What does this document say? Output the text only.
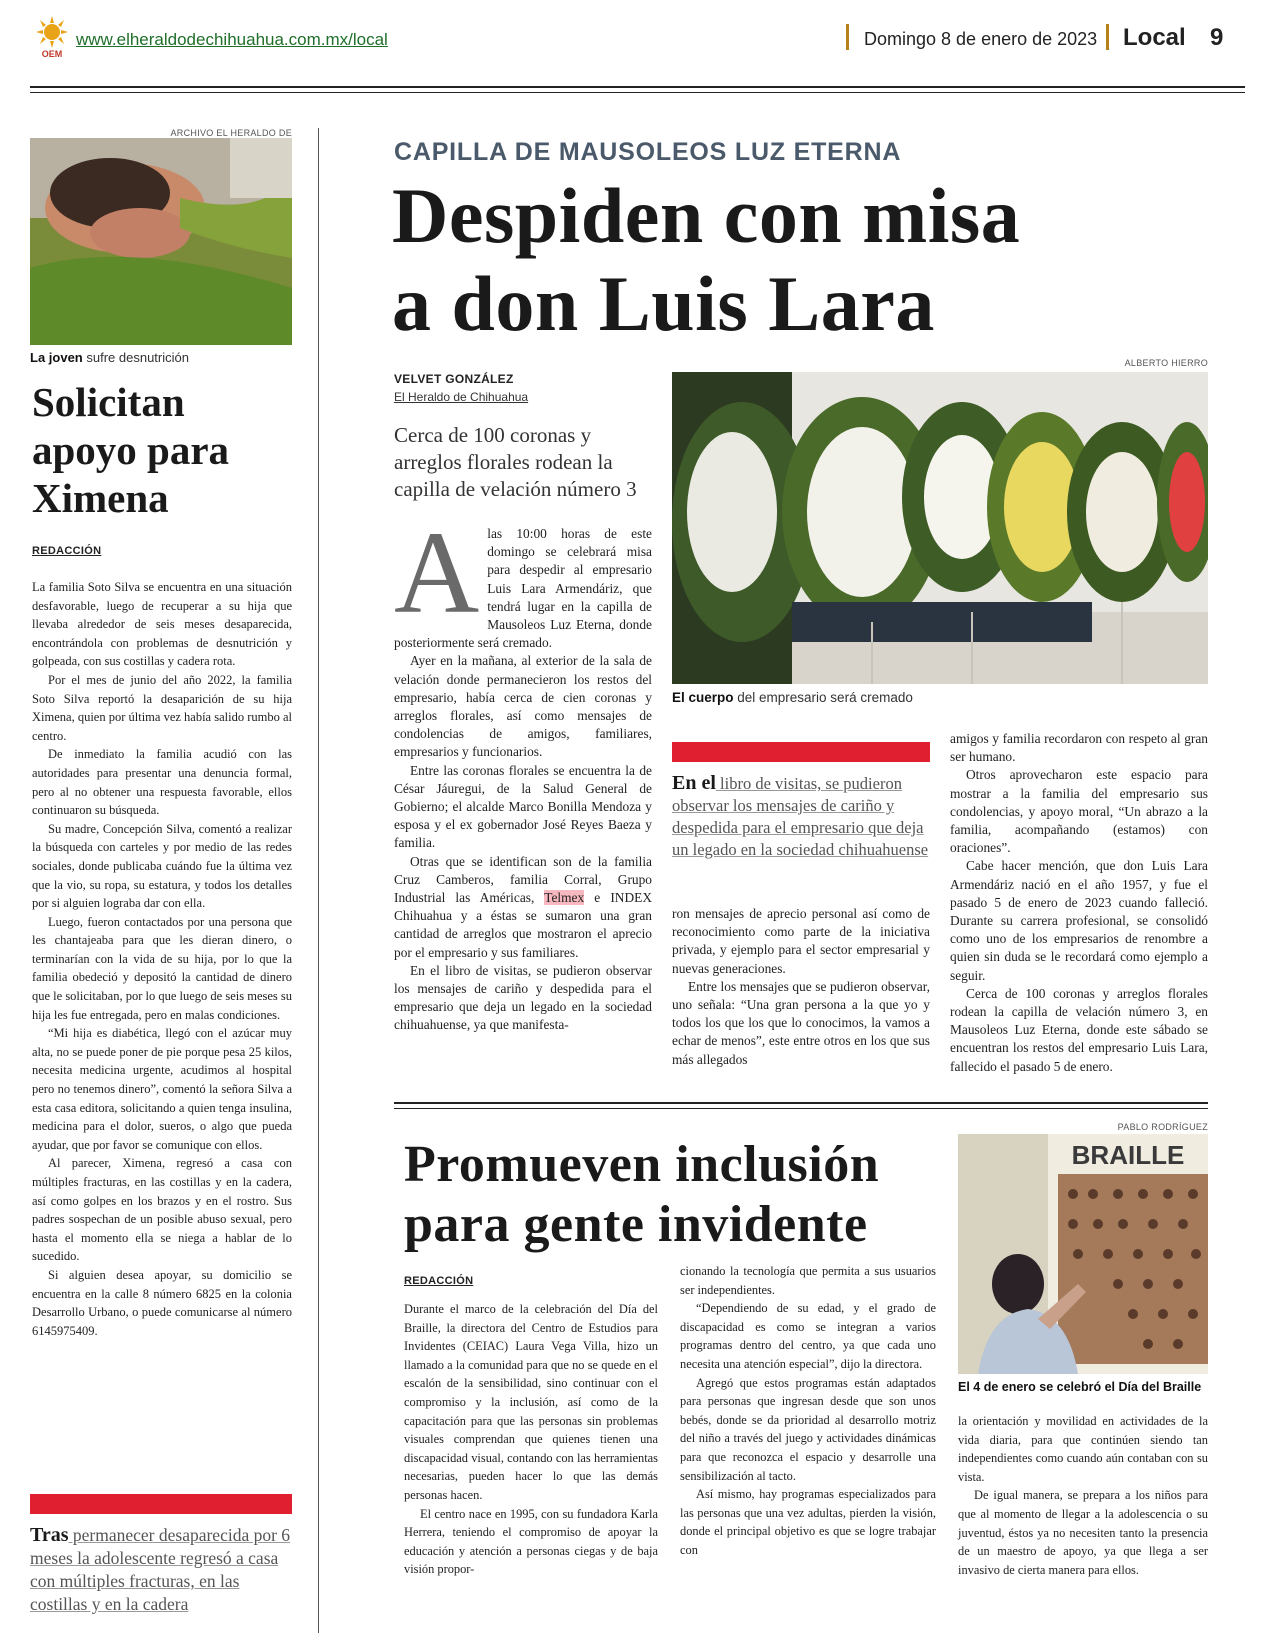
OEM
www.elheraldodechihuahua.com.mx/local	Domingo 8 de enero de 2023 Local 9
ARCHIVO EL HERALDO DE
La joven sufre desnutrición
Solicitan apoyo para Ximena
REDACCIÓN

La familia Soto Silva se encuentra en una situación desfavorable, luego de recuperar a su hija que llevaba alrededor de seis meses desaparecida, encontrándola con problemas de desnutrición y golpeada, con sus costillas y cadera rota.

Por el mes de junio del año 2022, la familia Soto Silva reportó la desaparición de su hija Ximena, quien por última vez había salido rumbo al centro.

De inmediato la familia acudió con las autoridades para presentar una denuncia formal, pero al no obtener una respuesta favorable, ellos continuaron su búsqueda.

Su madre, Concepción Silva, comentó a realizar la búsqueda con carteles y por medio de las redes sociales, donde publicaba cuándo fue la última vez que la vio, su ropa, su estatura, y todos los detalles por si alguien lograba dar con ella.

Luego, fueron contactados por una persona que les chantajeaba para que les dieran dinero, o terminarían con la vida de su hija, por lo que la familia obedeció y depositó la cantidad de dinero que le solicitaban, por lo que luego de seis meses su hija les fue entregada, pero en malas condiciones.

“Mi hija es diabética, llegó con el azúcar muy alta, no se puede poner de pie porque pesa 25 kilos, necesita medicina urgente, acudimos al hospital pero no tenemos dinero”, comentó la señora Silva a esta casa editora, solicitando a quien tenga insulina, medicina para el dolor, sueros, o algo que pueda ayudar, que por favor se comunique con ellos.

Al parecer, Ximena, regresó a casa con múltiples fracturas, en las costillas y en la cadera, así como golpes en los brazos y en el rostro. Sus padres sospechan de un posible abuso sexual, pero hasta el momento ella se niega a hablar de lo sucedido.

Si alguien desea apoyar, su domicilio se encuentra en la calle 8 número 6825 en la colonia Desarrollo Urbano, o puede comunicarse al número 6145975409.

Tras permanecer desaparecida por 6 meses la adolescente regresó a casa con múltiples fracturas, en las costillas y en la cadera
CAPILLA DE MAUSOLEOS LUZ ETERNA
Despiden con misa
a don Luis Lara
VELVET GONZÁLEZ
El Heraldo de Chihuahua
Cerca de 100 coronas y arreglos florales rodean la capilla de velación número 3
ALBERTO HIERRO
El cuerpo del empresario será cremado
A las 10:00 horas de este domingo se celebrará misa para despedir al empresario Luis Lara Armendáriz, que tendrá lugar en la capilla de Mausoleos Luz Eterna, donde posteriormente será cremado.

Ayer en la mañana, al exterior de la sala de velación donde permanecieron los restos del empresario, había cerca de cien coronas y arreglos florales, así como mensajes de condolencias de amigos, familiares, empresarios y funcionarios.

Entre las coronas florales se encuentra la de César Jáuregui, de la Salud General de Gobierno; el alcalde Marco Bonilla Mendoza y esposa y el ex gobernador José Reyes Baeza y familia.

Otras que se identifican son de la familia Cruz Camberos, familia Corral, Grupo Industrial las Américas, Telmex e INDEX Chihuahua y a éstas se sumaron una gran cantidad de arreglos que mostraron el aprecio por el empresario y sus familiares.

En el libro de visitas, se pudieron observar los mensajes de cariño y despedida para el empresario que deja un legado en la sociedad chihuahuense, ya que manifesta-

En el libro de visitas, se pudieron observar los mensajes de cariño y despedida para el empresario que deja un legado en la sociedad chihuahuense

ron mensajes de aprecio personal así como de reconocimiento como parte de la iniciativa privada, y ejemplo para el sector empresarial y nuevas generaciones.

Entre los mensajes que se pudieron observar, uno señala: “Una gran persona a la que yo y todos los que los que lo conocimos, la vamos a echar de menos”, este entre otros en los que sus más allegados

amigos y familia recordaron con respeto al gran ser humano.

Otros aprovecharon este espacio para mostrar a la familia del empresario sus condolencias, y apoyo moral, “Un abrazo a la familia, acompañando (estamos) con oraciones”.

Cabe hacer mención, que don Luis Lara Armendáriz nació en el año 1957, y fue el pasado 5 de enero de 2023 cuando falleció. Durante su carrera profesional, se consolidó como uno de los empresarios de renombre a quien sin duda se le recordará como ejemplo a seguir.

Cerca de 100 coronas y arreglos florales rodean la capilla de velación número 3, en Mausoleos Luz Eterna, donde este sábado se encuentran los restos del empresario Luis Lara, fallecido el pasado 5 de enero.

Promueven inclusión
para gente invidente
REDACCIÓN
PABLO RODRÍGUEZ
BRAILLE
El 4 de enero se celebró el Día del Braille

Durante el marco de la celebración del Día del Braille, la directora del Centro de Estudios para Invidentes (CEIAC) Laura Vega Villa, hizo un llamado a la comunidad para que no se quede en el escalón de la sensibilidad, sino continuar con el compromiso y la inclusión, así como de la capacitación para que las personas sin problemas visuales comprendan que quienes tienen una discapacidad visual, contando con las herramientas necesarias, pueden hacer lo que las demás personas hacen.

El centro nace en 1995, con su fundadora Karla Herrera, teniendo el compromiso de apoyar la educación y atención a personas ciegas y de baja visión propor-

cionando la tecnología que permita a sus usuarios ser independientes.

“Dependiendo de su edad, y el grado de discapacidad es como se integran a varios programas dentro del centro, ya que cada uno necesita una atención especial”, dijo la directora.

Agregó que estos programas están adaptados para personas que ingresan desde que son unos bebés, donde se da prioridad al desarrollo motriz del niño a través del juego y actividades dinámicas para que reconozca el espacio y desarrolle una sensibilización al tacto.

Así mismo, hay programas especializados para las personas que una vez adultas, pierden la visión, donde el principal objetivo es que se logre trabajar con

la orientación y movilidad en actividades de la vida diaria, para que continúen siendo tan independientes como cuando aún contaban con su vista.

De igual manera, se prepara a los niños para que al momento de llegar a la adolescencia o su juventud, éstos ya no necesiten tanto la presencia de un maestro de apoyo, ya que llega a ser invasivo de cierta manera para ellos.
